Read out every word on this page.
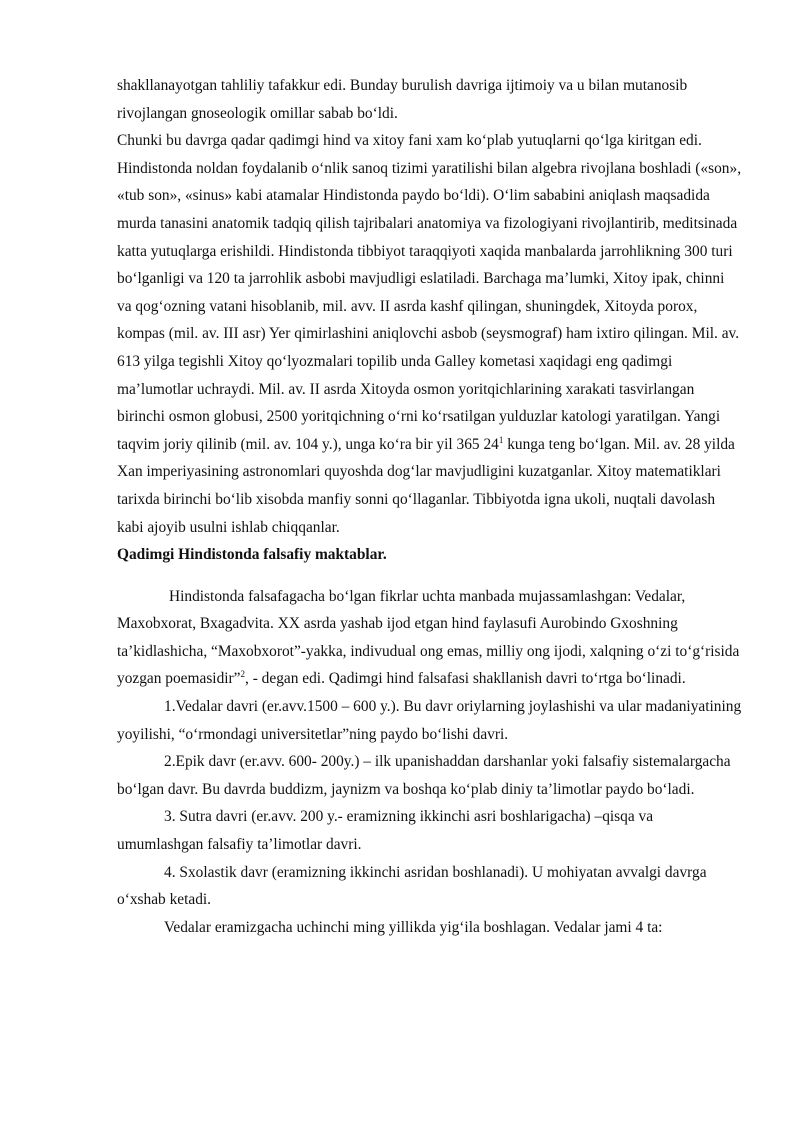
shakllanayotgan tahliliy tafakkur edi. Bunday burulish davriga ijtimoiy va u bilan mutanosib rivojlangan gnoseologik omillar sabab bo‘ldi.

Chunki bu davrga qadar qadimgi hind va xitoy fani xam ko‘plab yutuqlarni qo‘lga kiritgan edi. Hindistonda noldan foydalanib o‘nlik sanoq tizimi yaratilishi bilan algebra rivojlana boshladi («son», «tub son», «sinus» kabi atamalar Hindistonda paydo bo‘ldi). O‘lim sababini aniqlash maqsadida murda tanasini anatomik tadqiq qilish tajribalari anatomiya va fizologiyani rivojlantirib, meditsinada katta yutuqlarga erishildi. Hindistonda tibbiyot taraqqiyoti xaqida manbalarda jarrohlikning 300 turi bo‘lganligi va 120 ta jarrohlik asbobi mavjudligi eslatiladi. Barchaga ma’lumki, Xitoy ipak, chinni va qog‘ozning vatani hisoblanib, mil. avv. II asrda kashf qilingan, shuningdek, Xitoyda porox, kompas (mil. av. III asr) Yer qimirlashini aniqlovchi asbob (seysmograf) ham ixtiro qilingan. Mil. av. 613 yilga tegishli Xitoy qo‘lyozmalari topilib unda Galley kometasi xaqidagi eng qadimgi ma’lumotlar uchraydi. Mil. av. II asrda Xitoyda osmon yoritqichlarining xarakati tasvirlangan birinchi osmon globusi, 2500 yoritqichning o‘rni ko‘rsatilgan yulduzlar katologi yaratilgan. Yangi taqvim joriy qilinib (mil. av. 104 y.), unga ko‘ra bir yil 365 $24^1$ kunga teng bo‘lgan. Mil. av. 28 yilda Xan imperiyasining astronomlari quyoshda dog‘lar mavjudligini kuzatganlar. Xitoy matematiklari tarixda birinchi bo‘lib xisobda manfiy sonni qo‘llaganlar. Tibbiyotda igna ukoli, nuqtali davolash kabi ajoyib usulni ishlab chiqqanlar.

Qadimgi Hindistonda falsafiy maktablar.

Hindistonda falsafagacha bo‘lgan fikrlar uchta manbada mujassamlashgan: Vedalar, Maxobxorat, Bxagadvita. XX asrda yashab ijod etgan hind faylasufi Aurobindo Gxoshning ta’kidlashicha, “Maxobxorot”-yakka, indivudual ong emas, milliy ong ijodi, xalqning o‘zi to‘g‘risida yozgan poemasidir”$^2$, - degan edi. Qadimgi hind falsafasi shakllanish davri to‘rtga bo‘linadi.

1.Vedalar davri (er.avv.1500 – 600 y.). Bu davr oriylarning joylashishi va ular madaniyatining yoyilishi, “o‘rmondagi universitetlar”ning paydo bo‘lishi davri.

2.Epik davr (er.avv. 600- 200y.) – ilk upanishaddan darshanlar yoki falsafiy sistemalargacha bo‘lgan davr. Bu davrda buddizm, jaynizm va boshqa ko‘plab diniy ta’limotlar paydo bo‘ladi.

3. Sutra davri (er.avv. 200 y.- eramizning ikkinchi asri boshlarigacha) –qisqa va umumlashgan falsafiy ta’limotlar davri.

4. Sxolastik davr (eramizning ikkinchi asridan boshlanadi). U mohiyatan avvalgi davrga o‘xshab ketadi.

Vedalar eramizgacha uchinchi ming yillikda yig‘ila boshlagan. Vedalar jami 4 ta:
